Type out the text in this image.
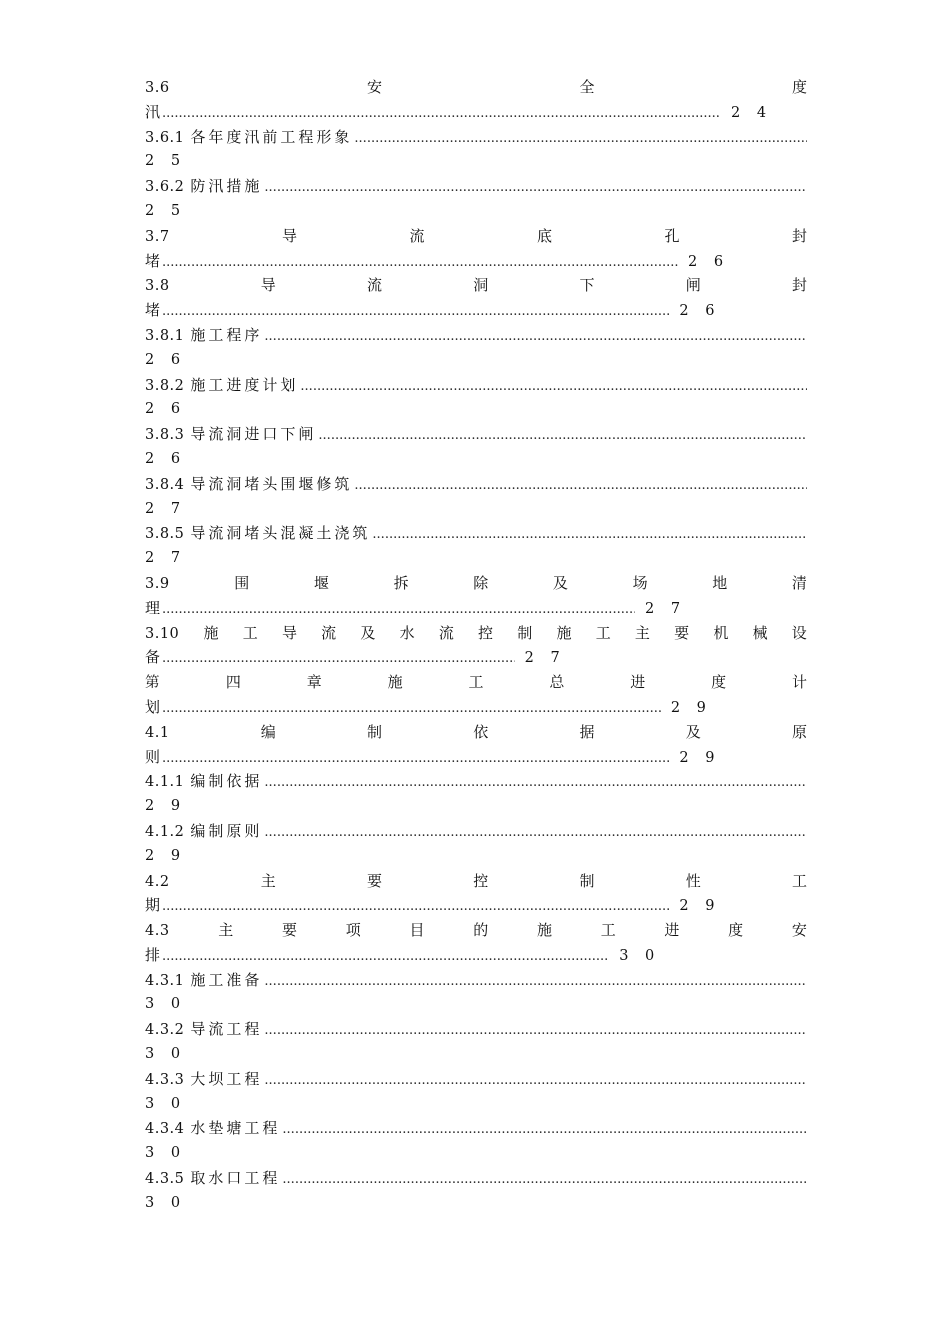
3.6	安	全	度
汛 .....	2 4
3.6.1 各年度汛前工程形象
.....
2 5
3.6.2 防汛措施
.....
2 5
3.7	导	流	底	孔	封
堵 .....	2 6
3.8	导	流	洞	下	闸	封
堵 .....	2 6
3.8.1 施工程序
.....
2 6
3.8.2 施工进度计划
.....
2 6
3.8.3 导流洞进口下闸
.....
2 6
3.8.4 导流洞堵头围堰修筑
.....
2 7
3.8.5 导流洞堵头混凝土浇筑
.....
2 7
3.9	围	堰	拆	除	及	场	地	清
理 .....	2 7
3.10 施 工 导 流 及 水 流 控 制 施 工 主 要 机 械 设
备 .....	2 7
第	四	章	施	工	总	进	度	计
划 .....	2 9
4.1	编	制	依	据	及	原
则 .....	2 9
4.1.1 编制依据
.....
2 9
4.1.2 编制原则
.....
2 9
4.2	主	要	控	制	性	工
期 .....	2 9
4.3	主	要	项	目	的	施	工	进	度	安
排 .....	3 0
4.3.1 施工准备
.....
3 0
4.3.2 导流工程
.....
3 0
4.3.3 大坝工程
.....
3 0
4.3.4 水垫塘工程
.....
3 0
4.3.5 取水口工程
.....
3 0
